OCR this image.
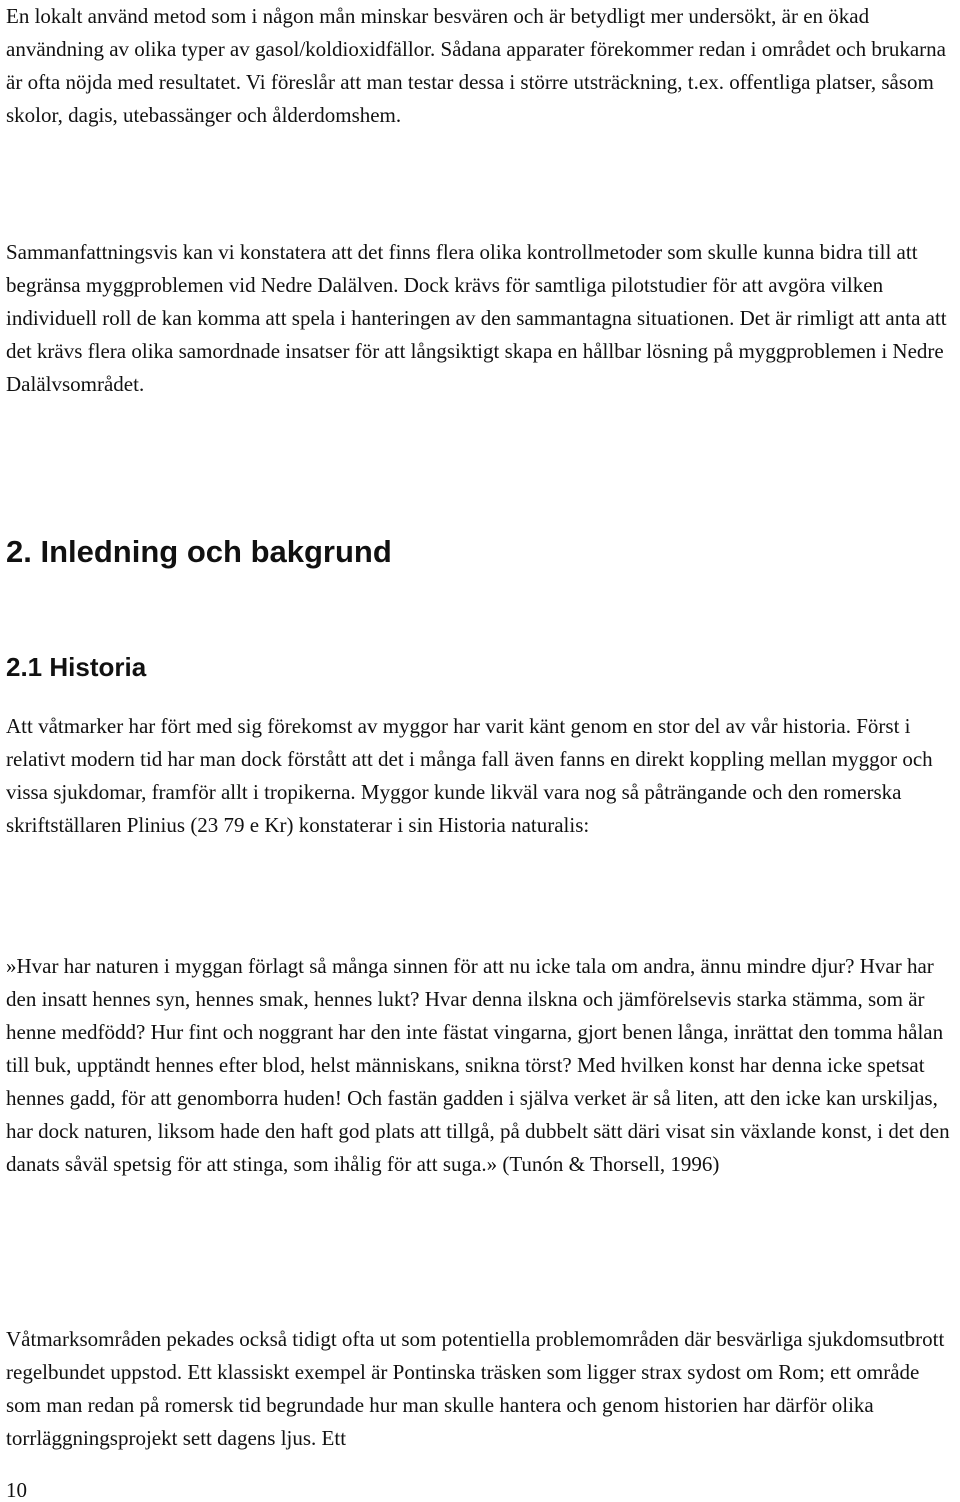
En lokalt använd metod som i någon mån minskar besvären och är betydligt mer undersökt, är en ökad användning av olika typer av gasol/koldioxidfällor. Sådana apparater förekommer redan i området och brukarna är ofta nöjda med resultatet. Vi föreslår att man testar dessa i större utsträckning, t.ex. offentliga platser, såsom skolor, dagis, utebassänger och ålderdomshem.

Sammanfattningsvis kan vi konstatera att det finns flera olika kontrollmetoder som skulle kunna bidra till att begränsa myggproblemen vid Nedre Dalälven. Dock krävs för samtliga pilotstudier för att avgöra vilken individuell roll de kan komma att spela i hanteringen av den sammantagna situationen. Det är rimligt att anta att det krävs flera olika samordnade insatser för att långsiktigt skapa en hållbar lösning på myggproblemen i Nedre Dalälvsområdet.

2. Inledning och bakgrund
2.1 Historia

Att våtmarker har fört med sig förekomst av myggor har varit känt genom en stor del av vår historia. Först i relativt modern tid har man dock förstått att det i många fall även fanns en direkt koppling mellan myggor och vissa sjukdomar, framför allt i tropikerna. Myggor kunde likväl vara nog så påträngande och den romerska skriftställaren Plinius (23 79 e Kr) konstaterar i sin Historia naturalis:

»Hvar har naturen i myggan förlagt så många sinnen för att nu icke tala om andra, ännu mindre djur? Hvar har den insatt hennes syn, hennes smak, hennes lukt? Hvar denna ilskna och jämförelsevis starka stämma, som är henne medfödd? Hur fint och noggrant har den inte fästat vingarna, gjort benen långa, inrättat den tomma hålan till buk, upptändt hennes efter blod, helst människans, snikna törst? Med hvilken konst har denna icke spetsat hennes gadd, för att genomborra huden! Och fastän gadden i själva verket är så liten, att den icke kan urskiljas, har dock naturen, liksom hade den haft god plats att tillgå, på dubbelt sätt däri visat sin växlande konst, i det den danats såväl spetsig för att stinga, som ihålig för att suga.» (Tunón & Thorsell, 1996)

Våtmarksområden pekades också tidigt ofta ut som potentiella problemområden där besvärliga sjukdomsutbrott regelbundet uppstod. Ett klassiskt exempel är Pontinska träsken som ligger strax sydost om Rom; ett område som man redan på romersk tid begrundade hur man skulle hantera och genom historien har därför olika torrläggningsprojekt sett dagens ljus. Ett

10
